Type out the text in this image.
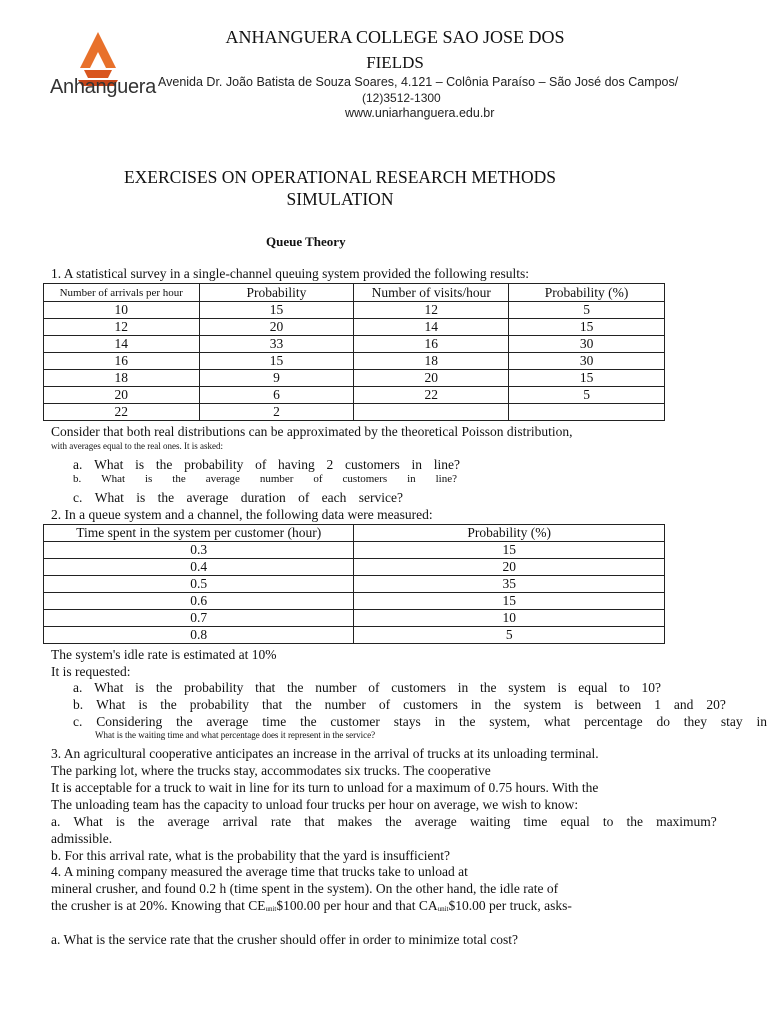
Anhanguera
ANHANGUERA COLLEGE SAO JOSE DOS
FIELDS
Avenida Dr. João Batista de Souza Soares, 4.121 – Colônia Paraíso – São José dos Campos/
(12)3512-1300
www.uniarhanguera.edu.br
EXERCISES ON OPERATIONAL RESEARCH METHODS
SIMULATION
Queue Theory
1. A statistical survey in a single-channel queuing system provided the following results:
Number of arrivals per hour	Probability	Number of visits/hour	Probability (%)
10	15	12	5
12	20	14	15
14	33	16	30
16	15	18	30
18	9	20	15
20	6	22	5
22	2		
Consider that both real distributions can be approximated by the theoretical Poisson distribution,
with averages equal to the real ones. It is asked:
a. What is the probability of having 2 customers in line?
b. What is the average number of customers in line?
c. What is the average duration of each service?
2. In a queue system and a channel, the following data were measured:
Time spent in the system per customer (hour)	Probability (%)
0.3	15
0.4	20
0.5	35
0.6	15
0.7	10
0.8	5
The system's idle rate is estimated at 10%
It is requested:
a. What is the probability that the number of customers in the system is equal to 10?
b. What is the probability that the number of customers in the system is between 1 and 20?
c. Considering the average time the customer stays in the system, what percentage do they stay in
What is the waiting time and what percentage does it represent in the service?
3. An agricultural cooperative anticipates an increase in the arrival of trucks at its unloading terminal.
The parking lot, where the trucks stay, accommodates six trucks. The cooperative
It is acceptable for a truck to wait in line for its turn to unload for a maximum of 0.75 hours. With the
The unloading team has the capacity to unload four trucks per hour on average, we wish to know:
a. What is the average arrival rate that makes the average waiting time equal to the maximum?
admissible.
b. For this arrival rate, what is the probability that the yard is insufficient?
4. A mining company measured the average time that trucks take to unload at
mineral crusher, and found 0.2 h (time spent in the system). On the other hand, the idle rate of
the crusher is at 20%. Knowing that $CE_{unit}\$100.00$ per hour and that $CA_{unit}\$10.00$ per truck, asks-
a. What is the service rate that the crusher should offer in order to minimize total cost?
